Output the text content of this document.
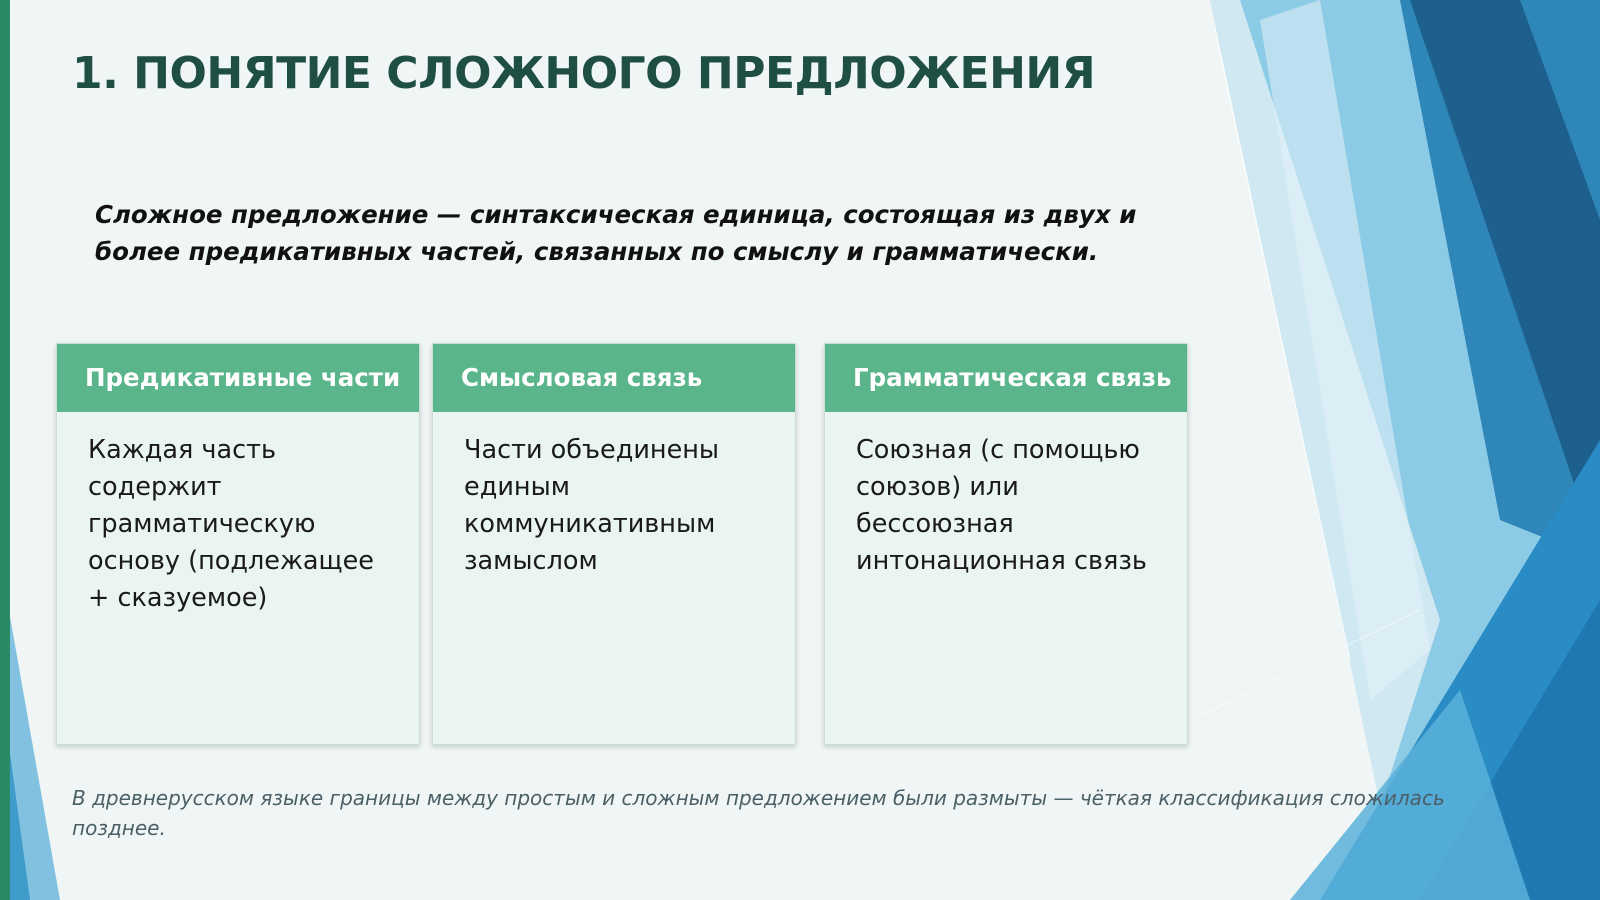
1. ПОНЯТИЕ СЛОЖНОГО ПРЕДЛОЖЕНИЯ

Сложное предложение — синтаксическая единица, состоящая из двух и более предикативных частей, связанных по смыслу и грамматически.

Предикативные части
Каждая часть содержит грамматическую основу (подлежащее + сказуемое)
Смысловая связь
Части объединены единым коммуникативным замыслом
Грамматическая связь
Союзная (с помощью союзов) или бессоюзная интонационная связь

В древнерусском языке границы между простым и сложным предложением были размыты — чёткая классификация сложилась позднее.
